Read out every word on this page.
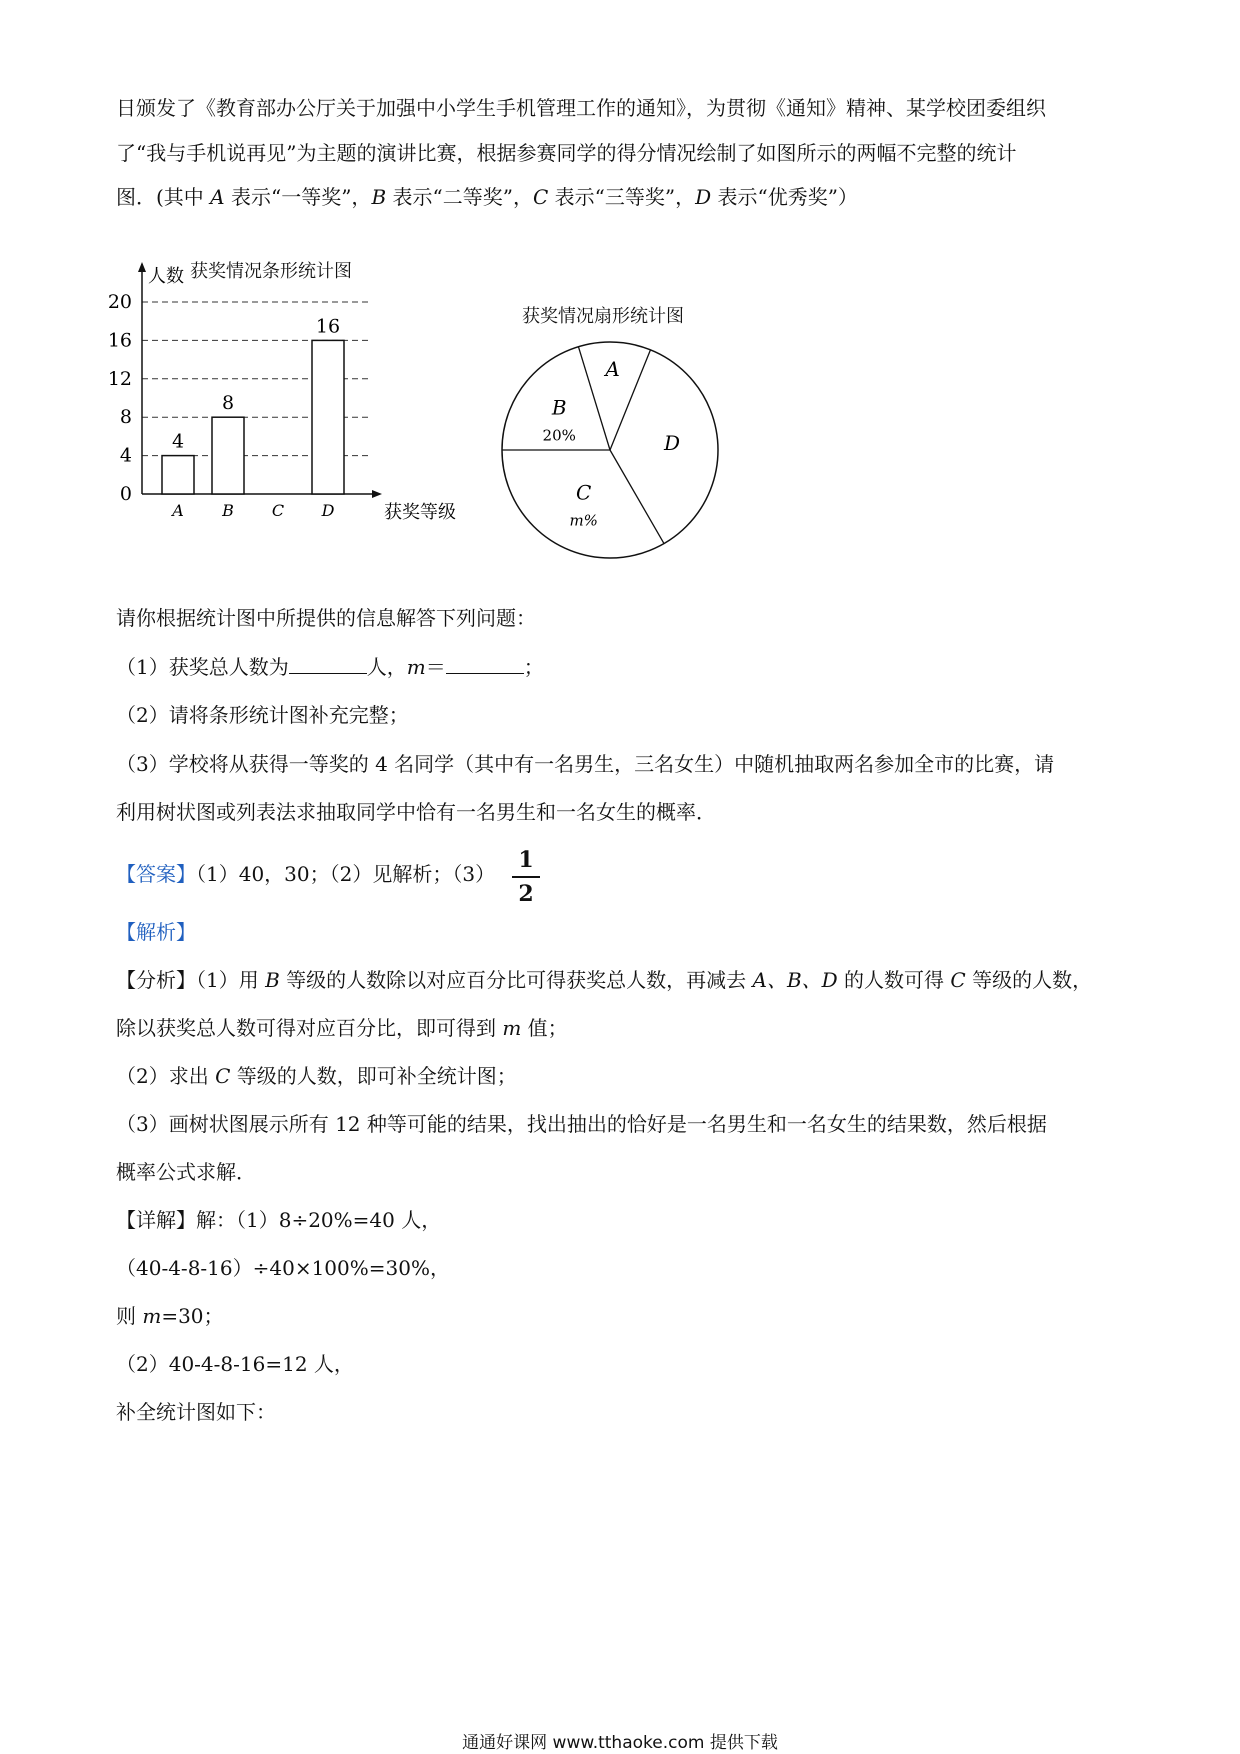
日颁发了《教育部办公厅关于加强中小学生手机管理工作的通知》，为贯彻《通知》精神、某学校团委组织
了“我与手机说再见”为主题的演讲比赛，根据参赛同学的得分情况绘制了如图所示的两幅不完整的统计
图．(其中 A 表示“一等奖”，B 表示“二等奖”，C 表示“三等奖”，D 表示“优秀奖”）
获奖情况条形统计图
0
4
8
12
16
20
人数
获奖等级
4
A
8
B C
16
D
获奖情况扇形统计图
A
B
20%
C
m%
D
请你根据统计图中所提供的信息解答下列问题：
（1）获奖总人数为	人，m＝	；
（2）请将条形统计图补充完整；
（3）学校将从获得一等奖的 4 名同学（其中有一名男生，三名女生）中随机抽取两名参加全市的比赛，请
利用树状图或列表法求抽取同学中恰有一名男生和一名女生的概率．
【答案】（1）40，30；（2）见解析；（3）
1
2
【解析】
【分析】（1）用 B 等级的人数除以对应百分比可得获奖总人数，再减去 A、B、D 的人数可得 C 等级的人数，
除以获奖总人数可得对应百分比，即可得到 m 值；
（2）求出 C 等级的人数，即可补全统计图；
（3）画树状图展示所有 12 种等可能的结果，找出抽出的恰好是一名男生和一名女生的结果数，然后根据
概率公式求解．
【详解】解：（1）8÷20%=40 人，
（40-4-8-16）÷40×100%=30%，
则 m=30；
（2）40-4-8-16=12 人，
补全统计图如下：
通通好课网 www.tthaoke.com 提供下载
